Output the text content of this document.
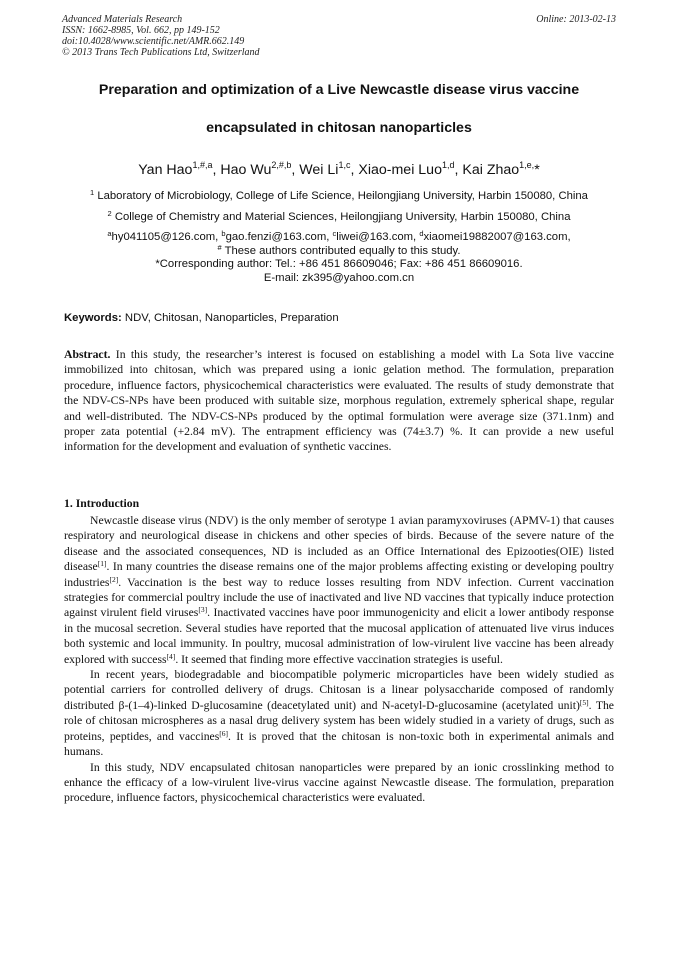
Advanced Materials Research
ISSN: 1662-8985, Vol. 662, pp 149-152
doi:10.4028/www.scientific.net/AMR.662.149
© 2013 Trans Tech Publications Ltd, Switzerland
Online: 2013-02-13
Preparation and optimization of a Live Newcastle disease virus vaccine
encapsulated in chitosan nanoparticles
Yan Hao$^{1,\#,a}$, Hao $Wu^{2,\#,b}$, Wei Li$^{1,c}$, Xiao-mei Luo$^{1,d}$, Kai Zhao$^{1,e,}$*
$^1$ Laboratory of Microbiology, College of Life Science, Heilongjiang University, Harbin 150080, China
$^2$ College of Chemistry and Material Sciences, Heilongjiang University, Harbin 150080, China
$^a$hy041105@126.com, $^b$gao.fenzi@163.com, $^c$liwei@163.com, $^d$xiaomei19882007@163.com,
# These authors contributed equally to this study.
*Corresponding author: Tel.: +86 451 86609046; Fax: +86 451 86609016.
E-mail: zk395@yahoo.com.cn
Keywords: NDV, Chitosan, Nanoparticles, Preparation

Abstract. In this study, the researcher’s interest is focused on establishing a model with La Sota live vaccine immobilized into chitosan, which was prepared using a ionic gelation method. The formulation, preparation procedure, influence factors, physicochemical characteristics were evaluated. The results of study demonstrate that the NDV-CS-NPs have been produced with suitable size, morphous regulation, extremely spherical shape, regular and well-distributed. The NDV-CS-NPs produced by the optimal formulation were average size (371.1nm) and proper zata potential (+2.84 mV). The entrapment efficiency was (74±3.7) %. It can provide a new useful information for the development and evaluation of synthetic vaccines.

1. Introduction

Newcastle disease virus (NDV) is the only member of serotype 1 avian paramyxoviruses (APMV-1) that causes respiratory and neurological disease in chickens and other species of birds. Because of the severe nature of the disease and the associated consequences, ND is included as an Office International des Epizooties(OIE) listed disease[1]. In many countries the disease remains one of the major problems affecting existing or developing poultry industries[2]. Vaccination is the best way to reduce losses resulting from NDV infection. Current vaccination strategies for commercial poultry include the use of inactivated and live ND vaccines that typically induce protection against virulent field viruses[3]. Inactivated vaccines have poor immunogenicity and elicit a lower antibody response in the mucosal secretion. Several studies have reported that the mucosal application of attenuated live virus induces both systemic and local immunity. In poultry, mucosal administration of low-virulent live vaccine has been already explored with success[4]. It seemed that finding more effective vaccination strategies is useful.

In recent years, biodegradable and biocompatible polymeric microparticles have been widely studied as potential carriers for controlled delivery of drugs. Chitosan is a linear polysaccharide composed of randomly distributed β-(1–4)-linked D-glucosamine (deacetylated unit) and N-acetyl-D-glucosamine (acetylated unit)[5]. The role of chitosan microspheres as a nasal drug delivery system has been widely studied in a variety of drugs, such as proteins, peptides, and vaccines[6]. It is proved that the chitosan is non-toxic both in experimental animals and humans.

In this study, NDV encapsulated chitosan nanoparticles were prepared by an ionic crosslinking method to enhance the efficacy of a low-virulent live-virus vaccine against Newcastle disease. The formulation, preparation procedure, influence factors, physicochemical characteristics were evaluated.
